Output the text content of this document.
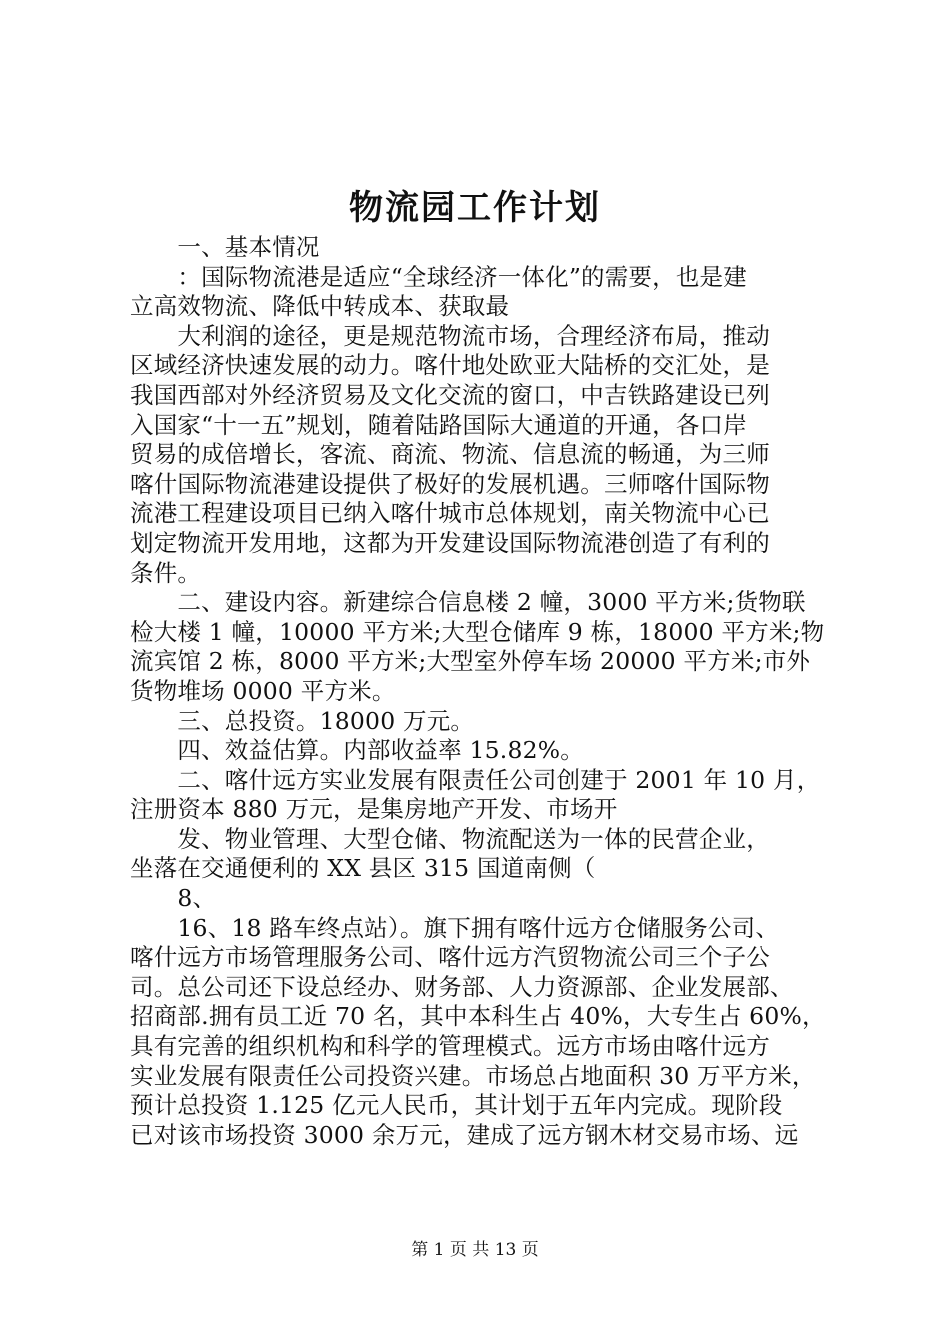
物流园工作计划
　　一、基本情况
　　：国际物流港是适应“全球经济一体化”的需要，也是建
立高效物流、降低中转成本、获取最
　　大利润的途径，更是规范物流市场，合理经济布局，推动
区域经济快速发展的动力。喀什地处欧亚大陆桥的交汇处，是
我国西部对外经济贸易及文化交流的窗口，中吉铁路建设已列
入国家“十一五”规划，随着陆路国际大通道的开通，各口岸
贸易的成倍增长，客流、商流、物流、信息流的畅通，为三师
喀什国际物流港建设提供了极好的发展机遇。三师喀什国际物
流港工程建设项目已纳入喀什城市总体规划，南关物流中心已
划定物流开发用地，这都为开发建设国际物流港创造了有利的
条件。
　　二、建设内容。新建综合信息楼 2 幢，3000 平方米;货物联
检大楼 1 幢，10000 平方米;大型仓储库 9 栋，18000 平方米;物
流宾馆 2 栋，8000 平方米;大型室外停车场 20000 平方米;市外
货物堆场 0000 平方米。
　　三、总投资。18000 万元。
　　四、效益估算。内部收益率 15.82%。
　　二、喀什远方实业发展有限责任公司创建于 2001 年 10 月，
注册资本 880 万元，是集房地产开发、市场开
　　发、物业管理、大型仓储、物流配送为一体的民营企业，
坐落在交通便利的 XX 县区 315 国道南侧（
　　8、
　　16、18 路车终点站）。旗下拥有喀什远方仓储服务公司、
喀什远方市场管理服务公司、喀什远方汽贸物流公司三个子公
司。总公司还下设总经办、财务部、人力资源部、企业发展部、
招商部.拥有员工近 70 名，其中本科生占 40%，大专生占 60%，
具有完善的组织机构和科学的管理模式。远方市场由喀什远方
实业发展有限责任公司投资兴建。市场总占地面积 30 万平方米，
预计总投资 1.125 亿元人民币，其计划于五年内完成。现阶段
已对该市场投资 3000 余万元，建成了远方钢木材交易市场、远
第 1 页 共 13 页
